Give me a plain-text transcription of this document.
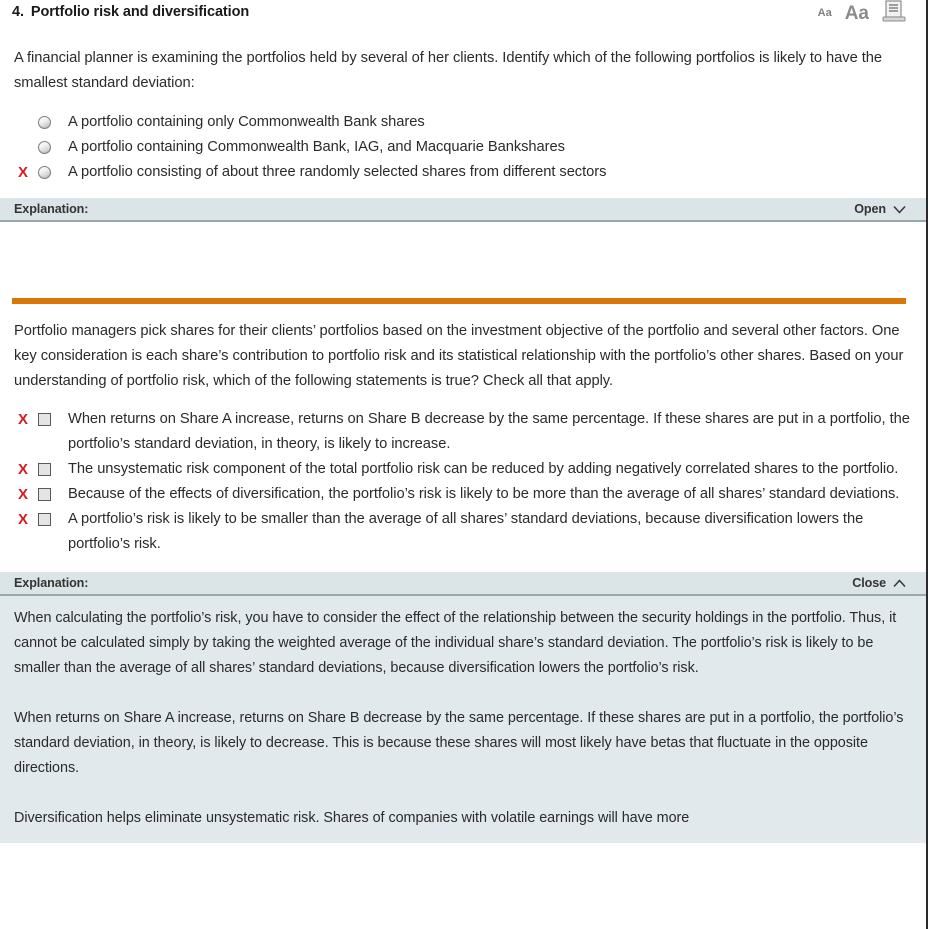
4. Portfolio risk and diversification	Aa Aa

A financial planner is examining the portfolios held by several of her clients. Identify which of the following portfolios is likely to have the smallest standard deviation:

A portfolio containing only Commonwealth Bank shares
A portfolio containing Commonwealth Bank, IAG, and Macquarie Bankshares
X	A portfolio consisting of about three randomly selected shares from different sectors
Explanation:	Open

Portfolio managers pick shares for their clients’ portfolios based on the investment objective of the portfolio and several other factors. One key consideration is each share’s contribution to portfolio risk and its statistical relationship with the portfolio’s other shares. Based on your understanding of portfolio risk, which of the following statements is true? Check all that apply.

X	When returns on Share A increase, returns on Share B decrease by the same percentage. If these shares are put in a portfolio, the portfolio’s standard deviation, in theory, is likely to increase.
X	The unsystematic risk component of the total portfolio risk can be reduced by adding negatively correlated shares to the portfolio.
X	Because of the effects of diversification, the portfolio’s risk is likely to be more than the average of all shares’ standard deviations.
X	A portfolio’s risk is likely to be smaller than the average of all shares’ standard deviations, because diversification lowers the portfolio’s risk.
Explanation:	Close

When calculating the portfolio’s risk, you have to consider the effect of the relationship between the security holdings in the portfolio. Thus, it cannot be calculated simply by taking the weighted average of the individual share’s standard deviation. The portfolio’s risk is likely to be smaller than the average of all shares’ standard deviations, because diversification lowers the portfolio’s risk.

When returns on Share A increase, returns on Share B decrease by the same percentage. If these shares are put in a portfolio, the portfolio’s standard deviation, in theory, is likely to decrease. This is because these shares will most likely have betas that fluctuate in the opposite directions.

Diversification helps eliminate unsystematic risk. Shares of companies with volatile earnings will have more
